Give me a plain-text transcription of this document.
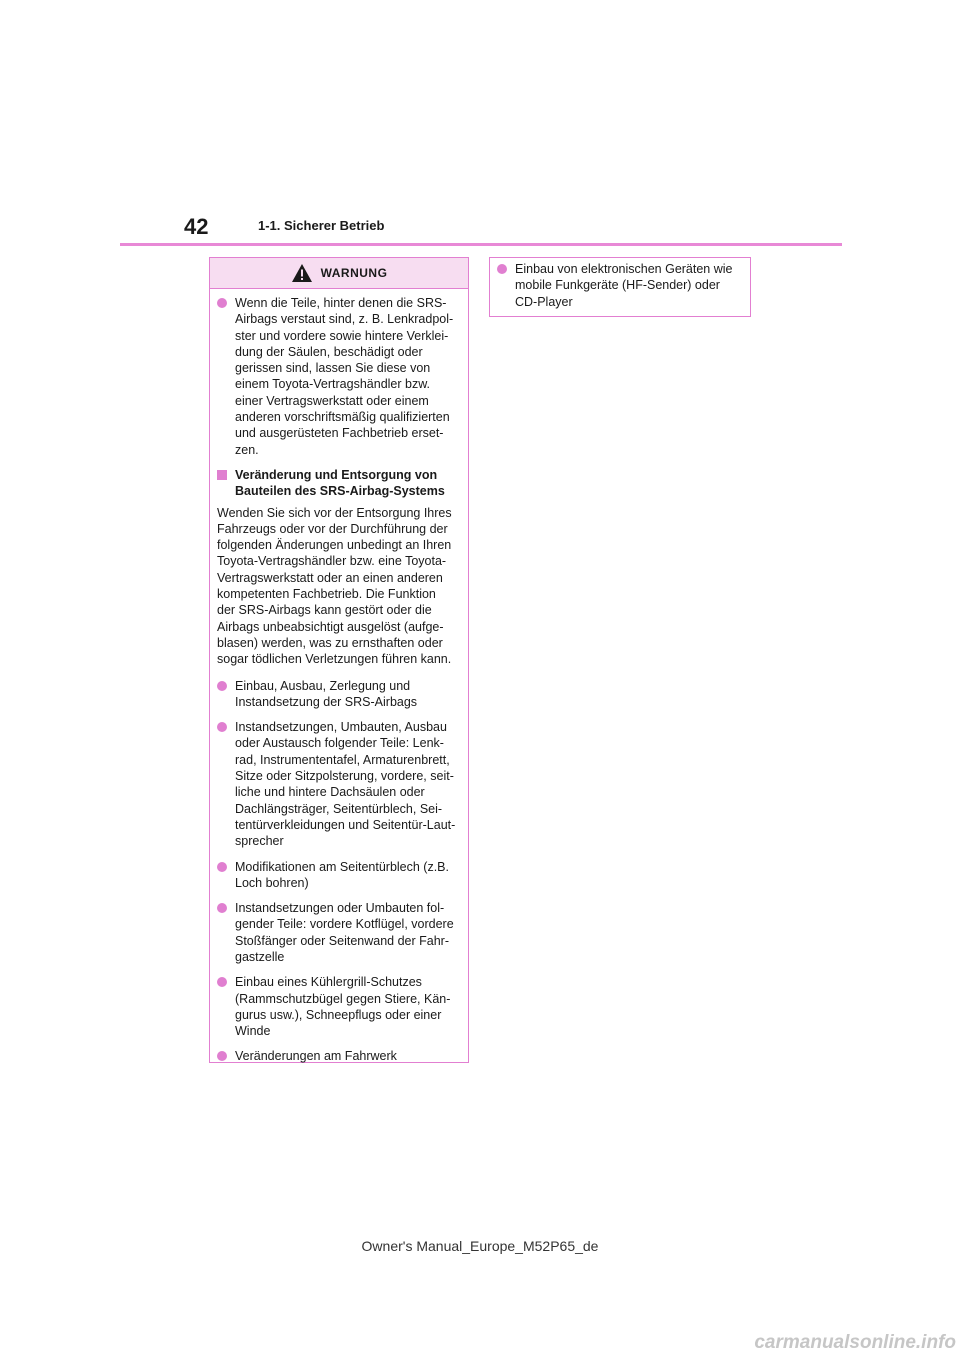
42	1-1. Sicherer Betrieb
WARNUNG
Wenn die Teile, hinter denen die SRS-
Airbags verstaut sind, z. B. Lenkradpol-
ster und vordere sowie hintere Verklei-
dung der Säulen, beschädigt oder
gerissen sind, lassen Sie diese von
einem Toyota-Vertragshändler bzw.
einer Vertragswerkstatt oder einem
anderen vorschriftsmäßig qualifizierten
und ausgerüsteten Fachbetrieb erset-
zen.
Veränderung und Entsorgung von
Bauteilen des SRS-Airbag-Systems
Wenden Sie sich vor der Entsorgung Ihres
Fahrzeugs oder vor der Durchführung der
folgenden Änderungen unbedingt an Ihren
Toyota-Vertragshändler bzw. eine Toyota-
Vertragswerkstatt oder an einen anderen
kompetenten Fachbetrieb. Die Funktion
der SRS-Airbags kann gestört oder die
Airbags unbeabsichtigt ausgelöst (aufge-
blasen) werden, was zu ernsthaften oder
sogar tödlichen Verletzungen führen kann.
Einbau, Ausbau, Zerlegung und
Instandsetzung der SRS-Airbags
Instandsetzungen, Umbauten, Ausbau
oder Austausch folgender Teile: Lenk-
rad, Instrumententafel, Armaturenbrett,
Sitze oder Sitzpolsterung, vordere, seit-
liche und hintere Dachsäulen oder
Dachlängsträger, Seitentürblech, Sei-
tentürverkleidungen und Seitentür-Laut-
sprecher
Modifikationen am Seitentürblech (z.B.
Loch bohren)
Instandsetzungen oder Umbauten fol-
gender Teile: vordere Kotflügel, vordere
Stoßfänger oder Seitenwand der Fahr-
gastzelle
Einbau eines Kühlergrill-Schutzes
(Rammschutzbügel gegen Stiere, Kän-
gurus usw.), Schneepflugs oder einer
Winde
Veränderungen am Fahrwerk
Einbau von elektronischen Geräten wie
mobile Funkgeräte (HF-Sender) oder
CD-Player
Owner's Manual_Europe_M52P65_de
carmanualsonline.info
